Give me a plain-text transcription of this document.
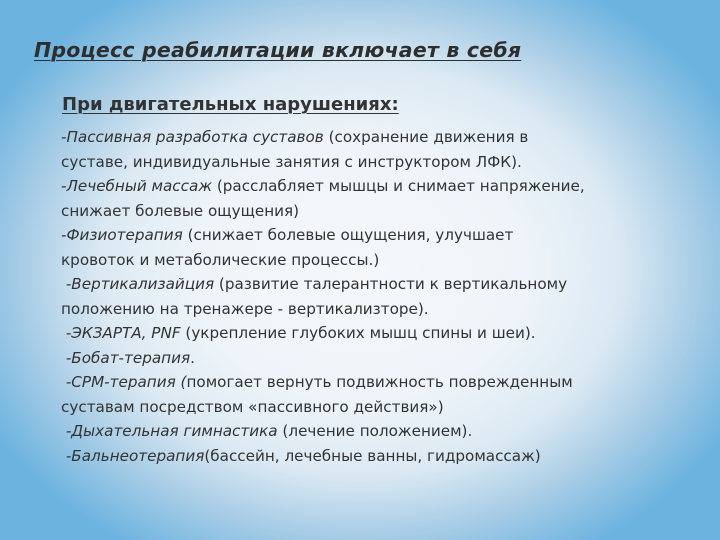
Процесс реабилитации включает в себя
При двигательных нарушениях:
-Пассивная разработка суставов (сохранение движения в
суставе, индивидуальные занятия с инструктором ЛФК).
-Лечебный массаж (расслабляет мышцы и снимает напряжение,
снижает болевые ощущения)
-Физиотерапия (снижает болевые ощущения, улучшает
кровоток и метаболические процессы.)
-Вертикализайция (развитие талерантности к вертикальному
положению на тренажере - вертикализторе).
-ЭКЗАРТА, PNF (укрепление глубоких мышц спины и шеи).
-Бобат-терапия.
-CPM-терапия (помогает вернуть подвижность поврежденным
суставам посредством «пассивного действия»)
-Дыхательная гимнастика (лечение положением).
-Бальнеотерапия(бассейн, лечебные ванны, гидромассаж)
